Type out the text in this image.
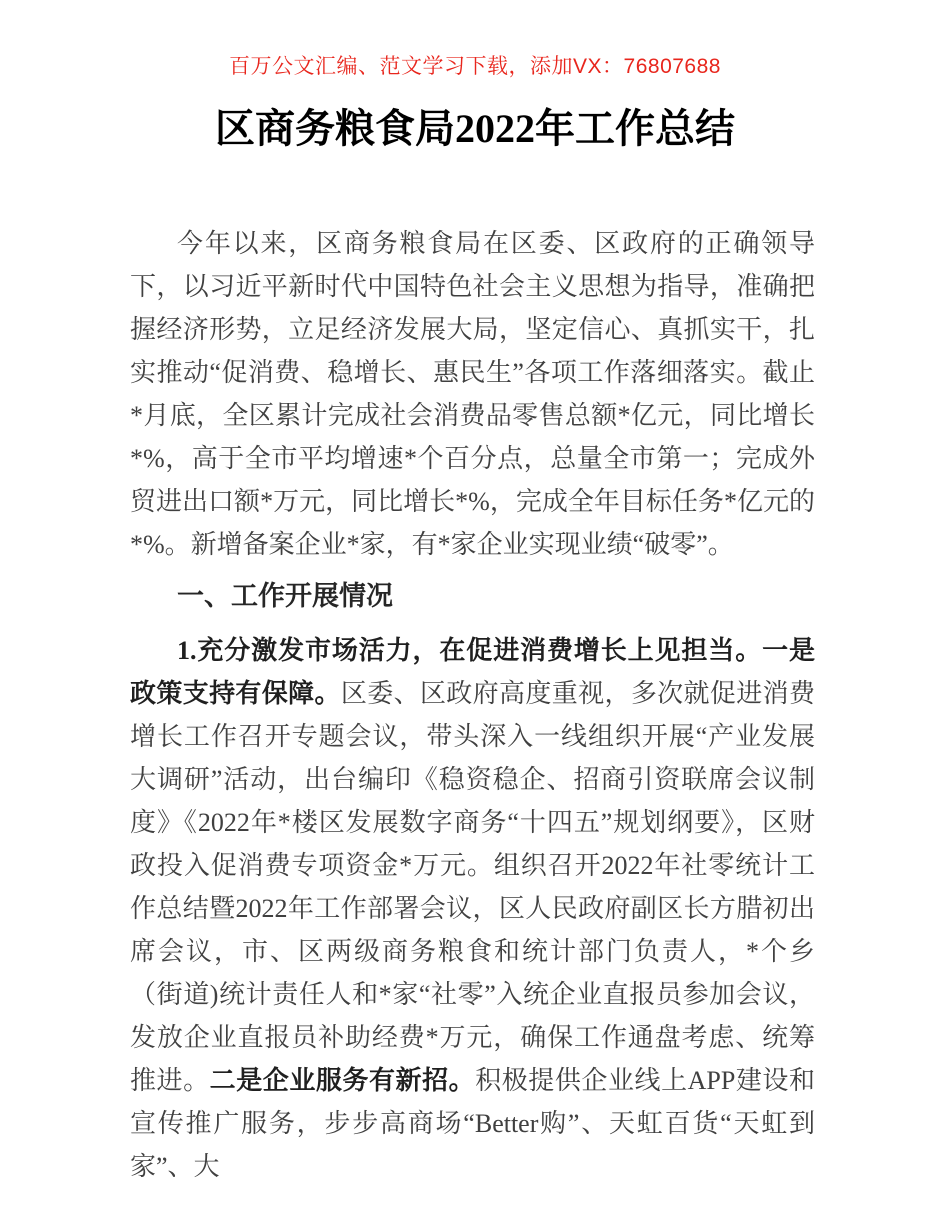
百万公文汇编、范文学习下载，添加VX：76807688
区商务粮食局2022年工作总结

今年以来，区商务粮食局在区委、区政府的正确领导下，以习近平新时代中国特色社会主义思想为指导，准确把握经济形势，立足经济发展大局，坚定信心、真抓实干，扎实推动“促消费、稳增长、惠民生”各项工作落细落实。截止*月底，全区累计完成社会消费品零售总额*亿元，同比增长*%，高于全市平均增速*个百分点，总量全市第一；完成外贸进出口额*万元，同比增长*%，完成全年目标任务*亿元的*%。新增备案企业*家，有*家企业实现业绩“破零”。

一、工作开展情况

1.充分激发市场活力，在促进消费增长上见担当。一是政策支持有保障。区委、区政府高度重视，多次就促进消费增长工作召开专题会议，带头深入一线组织开展“产业发展大调研”活动，出台编印《稳资稳企、招商引资联席会议制度》《2022年*楼区发展数字商务“十四五”规划纲要》，区财政投入促消费专项资金*万元。组织召开2022年社零统计工作总结暨2022年工作部署会议，区人民政府副区长方腊初出席会议，市、区两级商务粮食和统计部门负责人，*个乡（街道)统计责任人和*家“社零”入统企业直报员参加会议，发放企业直报员补助经费*万元，确保工作通盘考虑、统筹推进。二是企业服务有新招。积极提供企业线上APP建设和宣传推广服务，步步高商场“Better购”、天虹百货“天虹到家”、大
